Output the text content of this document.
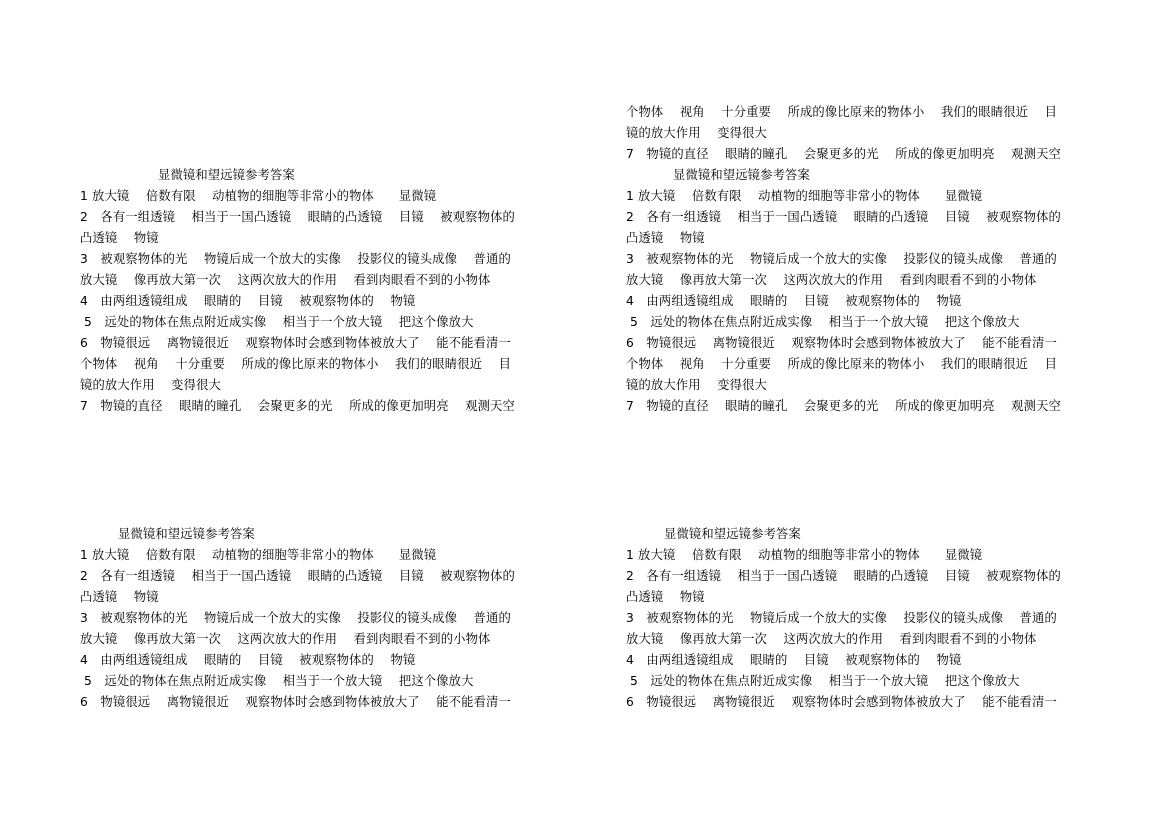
显微镜和望远镜参考答案
1 放大镜　 倍数有限　 动植物的细胞等非常小的物体　　显微镜
2　各有一组透镜　 相当于一国凸透镜　 眼睛的凸透镜　 目镜　 被观察物体的
凸透镜　 物镜
3　被观察物体的光　 物镜后成一个放大的实像　 投影仪的镜头成像　 普通的
放大镜　 像再放大第一次　 这两次放大的作用　 看到肉眼看不到的小物体
4　由两组透镜组成　 眼睛的　 目镜　 被观察物体的　 物镜
5　远处的物体在焦点附近成实像　 相当于一个放大镜　 把这个像放大
6　物镜很远　 离物镜很近　 观察物体时会感到物体被放大了　 能不能看清一
个物体　 视角　 十分重要　 所成的像比原来的物体小　 我们的眼睛很近　 目
镜的放大作用　 变得很大
7　物镜的直径　 眼睛的瞳孔　 会聚更多的光　 所成的像更加明亮　 观测天空
个物体　 视角　 十分重要　 所成的像比原来的物体小　 我们的眼睛很近　 目
镜的放大作用　 变得很大
7　物镜的直径　 眼睛的瞳孔　 会聚更多的光　 所成的像更加明亮　 观测天空
显微镜和望远镜参考答案
1 放大镜　 倍数有限　 动植物的细胞等非常小的物体　　显微镜
2　各有一组透镜　 相当于一国凸透镜　 眼睛的凸透镜　 目镜　 被观察物体的
凸透镜　 物镜
3　被观察物体的光　 物镜后成一个放大的实像　 投影仪的镜头成像　 普通的
放大镜　 像再放大第一次　 这两次放大的作用　 看到肉眼看不到的小物体
4　由两组透镜组成　 眼睛的　 目镜　 被观察物体的　 物镜
5　远处的物体在焦点附近成实像　 相当于一个放大镜　 把这个像放大
6　物镜很远　 离物镜很近　 观察物体时会感到物体被放大了　 能不能看清一
个物体　 视角　 十分重要　 所成的像比原来的物体小　 我们的眼睛很近　 目
镜的放大作用　 变得很大
7　物镜的直径　 眼睛的瞳孔　 会聚更多的光　 所成的像更加明亮　 观测天空
显微镜和望远镜参考答案
1 放大镜　 倍数有限　 动植物的细胞等非常小的物体　　显微镜
2　各有一组透镜　 相当于一国凸透镜　 眼睛的凸透镜　 目镜　 被观察物体的
凸透镜　 物镜
3　被观察物体的光　 物镜后成一个放大的实像　 投影仪的镜头成像　 普通的
放大镜　 像再放大第一次　 这两次放大的作用　 看到肉眼看不到的小物体
4　由两组透镜组成　 眼睛的　 目镜　 被观察物体的　 物镜
5　远处的物体在焦点附近成实像　 相当于一个放大镜　 把这个像放大
6　物镜很远　 离物镜很近　 观察物体时会感到物体被放大了　 能不能看清一
显微镜和望远镜参考答案
1 放大镜　 倍数有限　 动植物的细胞等非常小的物体　　显微镜
2　各有一组透镜　 相当于一国凸透镜　 眼睛的凸透镜　 目镜　 被观察物体的
凸透镜　 物镜
3　被观察物体的光　 物镜后成一个放大的实像　 投影仪的镜头成像　 普通的
放大镜　 像再放大第一次　 这两次放大的作用　 看到肉眼看不到的小物体
4　由两组透镜组成　 眼睛的　 目镜　 被观察物体的　 物镜
5　远处的物体在焦点附近成实像　 相当于一个放大镜　 把这个像放大
6　物镜很远　 离物镜很近　 观察物体时会感到物体被放大了　 能不能看清一
